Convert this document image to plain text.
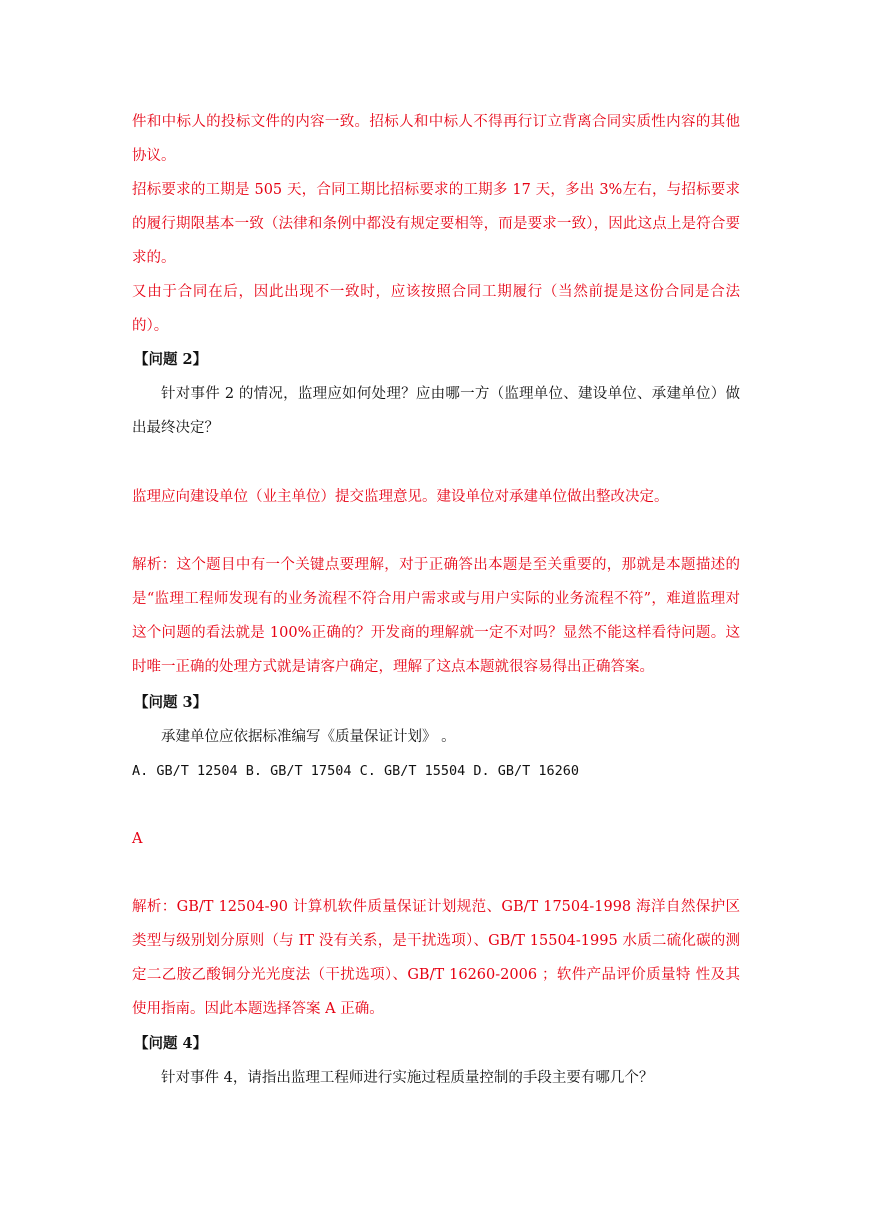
件和中标人的投标文件的内容一致。招标人和中标人不得再行订立背离合同实质性内容的其他协议。

招标要求的工期是 505 天，合同工期比招标要求的工期多 17 天，多出 3%左右，与招标要求的履行期限基本一致（法律和条例中都没有规定要相等，而是要求一致），因此这点上是符合要求的。

又由于合同在后，因此出现不一致时，应该按照合同工期履行（当然前提是这份合同是合法的）。

【问题 2】

针对事件 2 的情况，监理应如何处理？应由哪一方（监理单位、建设单位、承建单位）做出最终决定？

监理应向建设单位（业主单位）提交监理意见。建设单位对承建单位做出整改决定。

解析：这个题目中有一个关键点要理解，对于正确答出本题是至关重要的，那就是本题描述的是“监理工程师发现有的业务流程不符合用户需求或与用户实际的业务流程不符”，难道监理对这个问题的看法就是 100%正确的？开发商的理解就一定不对吗？显然不能这样看待问题。这时唯一正确的处理方式就是请客户确定，理解了这点本题就很容易得出正确答案。

【问题 3】

承建单位应依据标准编写《质量保证计划》 。

A. GB/T 12504 B. GB/T 17504 C. GB/T 15504 D. GB/T 16260

A

解析：GB/T 12504-90 计算机软件质量保证计划规范、GB/T 17504-1998 海洋自然保护区 类型与级别划分原则（与 IT 没有关系，是干扰选项）、GB/T 15504-1995 水质二硫化碳的测定二乙胺乙酸铜分光光度法（干扰选项）、GB/T 16260-2006 ；软件产品评价质量特 性及其使用指南。因此本题选择答案 A 正确。

【问题 4】

针对事件 4，请指出监理工程师进行实施过程质量控制的手段主要有哪几个？
